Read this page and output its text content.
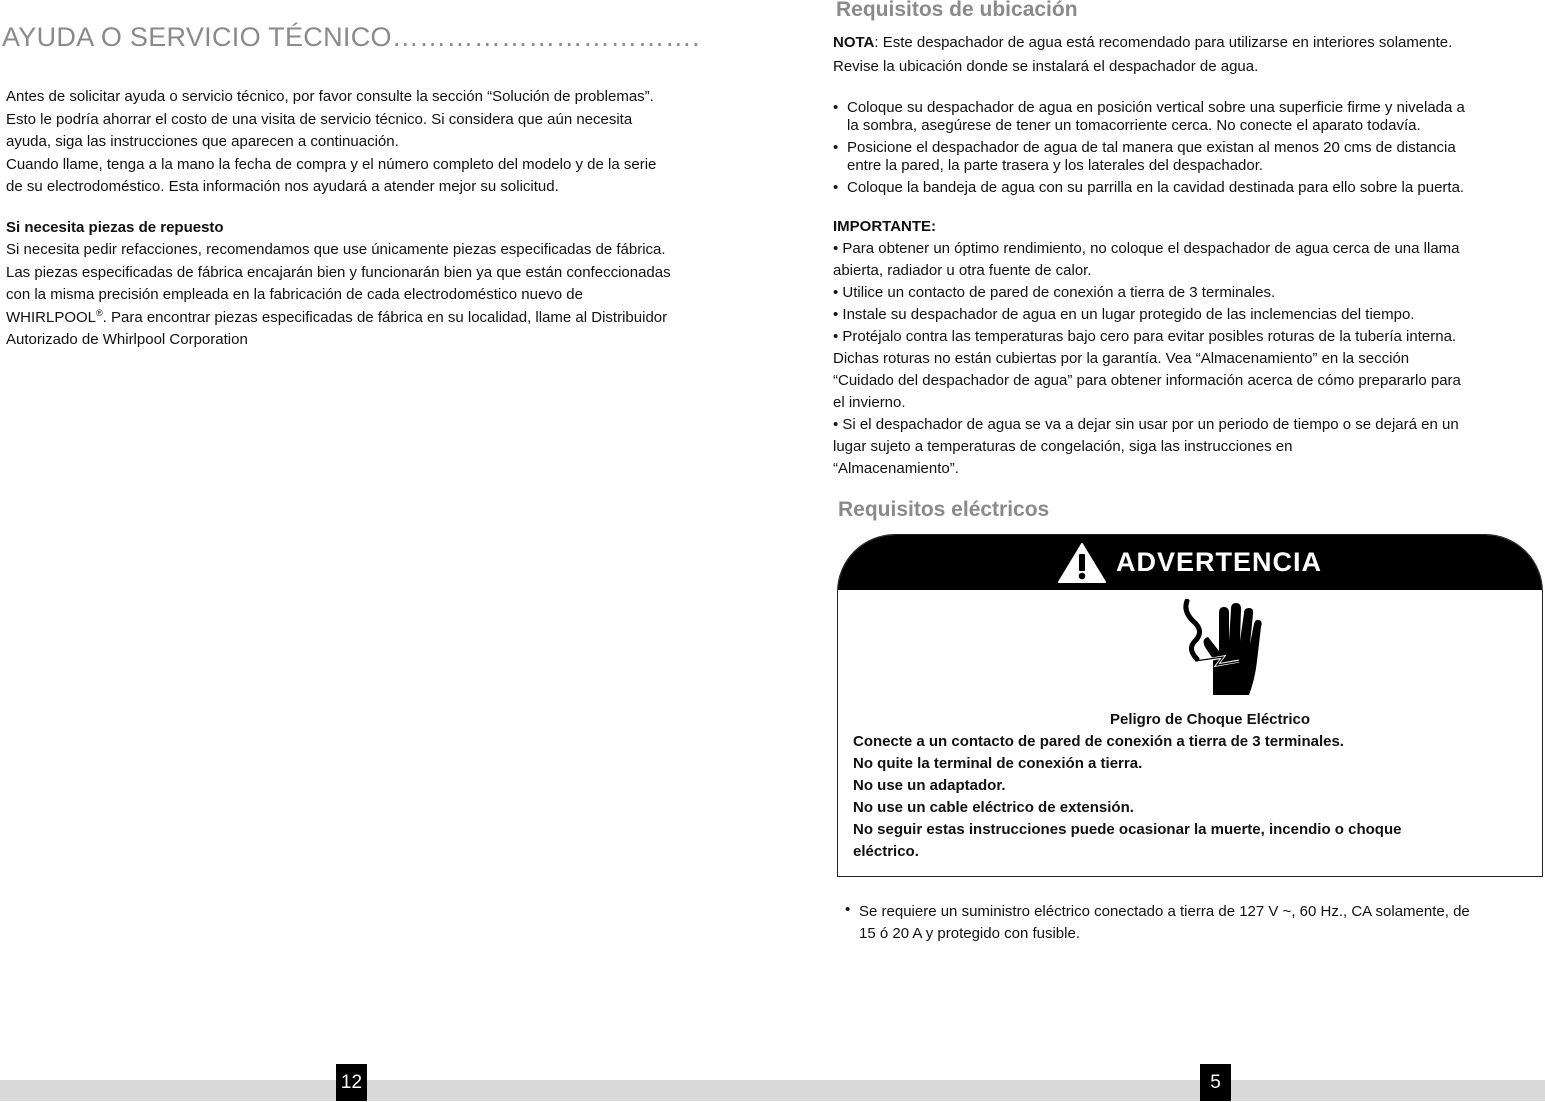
AYUDA O SERVICIO TÉCNICO…………………………….

Antes de solicitar ayuda o servicio técnico, por favor consulte la sección “Solución de problemas”.

Esto le podría ahorrar el costo de una visita de servicio técnico. Si considera que aún necesita

ayuda, siga las instrucciones que aparecen a continuación.

Cuando llame, tenga a la mano la fecha de compra y el número completo del modelo y de la serie

de su electrodoméstico. Esta información nos ayudará a atender mejor su solicitud.

Si necesita piezas de repuesto

Si necesita pedir refacciones, recomendamos que use únicamente piezas especificadas de fábrica.

Las piezas especificadas de fábrica encajarán bien y funcionarán bien ya que están confeccionadas

con la misma precisión empleada en la fabricación de cada electrodoméstico nuevo de

WHIRLPOOL®. Para encontrar piezas especificadas de fábrica en su localidad, llame al Distribuidor

Autorizado de Whirlpool Corporation

Requisitos de ubicación
NOTA: Este despachador de agua está recomendado para utilizarse en interiores solamente.
Revise la ubicación donde se instalará el despachador de agua.
• Coloque su despachador de agua en posición vertical sobre una superficie firme y nivelada a
la sombra, asegúrese de tener un tomacorriente cerca. No conecte el aparato todavía.
• Posicione el despachador de agua de tal manera que existan al menos 20 cms de distancia
entre la pared, la parte trasera y los laterales del despachador.
• Coloque la bandeja de agua con su parrilla en la cavidad destinada para ello sobre la puerta.
IMPORTANTE:

• Para obtener un óptimo rendimiento, no coloque el despachador de agua cerca de una llama

abierta, radiador u otra fuente de calor.

• Utilice un contacto de pared de conexión a tierra de 3 terminales.

• Instale su despachador de agua en un lugar protegido de las inclemencias del tiempo.

• Protéjalo contra las temperaturas bajo cero para evitar posibles roturas de la tubería interna.

Dichas roturas no están cubiertas por la garantía. Vea “Almacenamiento” en la sección

“Cuidado del despachador de agua” para obtener información acerca de cómo prepararlo para

el invierno.

• Si el despachador de agua se va a dejar sin usar por un periodo de tiempo o se dejará en un

lugar sujeto a temperaturas de congelación, siga las instrucciones en

“Almacenamiento”.

Requisitos eléctricos
ADVERTENCIA
Peligro de Choque Eléctrico
Conecte a un contacto de pared de conexión a tierra de 3 terminales.
No quite la terminal de conexión a tierra.
No use un adaptador.
No use un cable eléctrico de extensión.
No seguir estas instrucciones puede ocasionar la muerte, incendio o choque
eléctrico.
• Se requiere un suministro eléctrico conectado a tierra de 127 V ~, 60 Hz., CA solamente, de
15 ó 20 A y protegido con fusible.
12	5
